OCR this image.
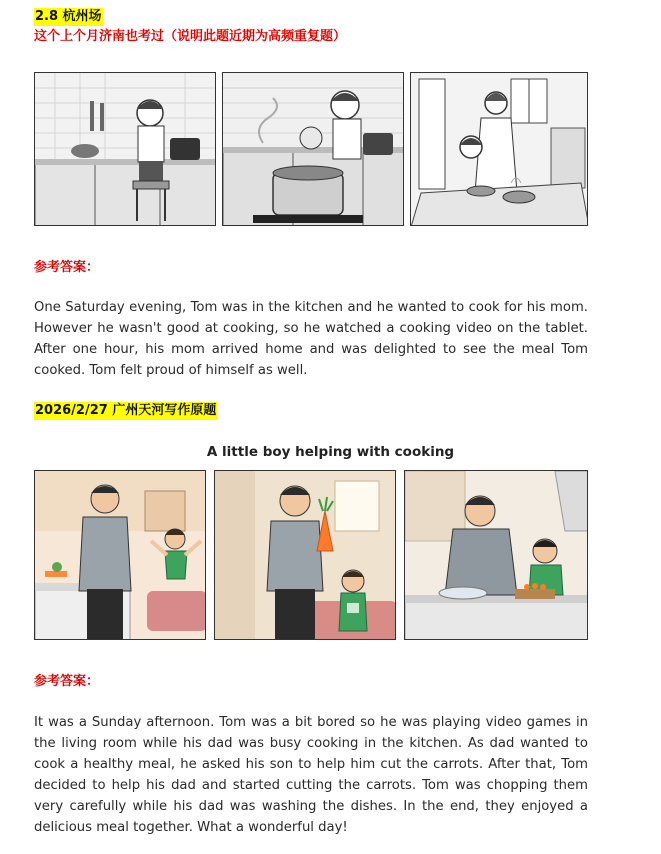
2.8 杭州场
这个上个月济南也考过（说明此题近期为高频重复题）
参考答案：
One Saturday evening, Tom was in the kitchen and he wanted to cook for his mom. However he wasn't good at cooking, so he watched a cooking video on the tablet. After one hour, his mom arrived home and was delighted to see the meal Tom cooked. Tom felt proud of himself as well.
2026/2/27 广州天河写作原题
A little boy helping with cooking
参考答案：
It was a Sunday afternoon. Tom was a bit bored so he was playing video games in the living room while his dad was busy cooking in the kitchen. As dad wanted to cook a healthy meal, he asked his son to help him cut the carrots. After that, Tom decided to help his dad and started cutting the carrots. Tom was chopping them very carefully while his dad was washing the dishes. In the end, they enjoyed a delicious meal together. What a wonderful day!
